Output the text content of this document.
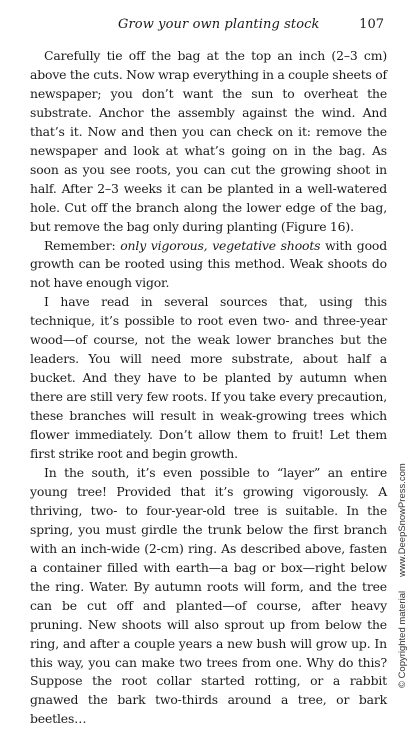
Grow your own planting stock	107

Carefully tie off the bag at the top an inch (2–3 cm) above the cuts. Now wrap everything in a couple sheets of newspaper; you don’t want the sun to overheat the substrate. Anchor the assembly against the wind. And that’s it. Now and then you can check on it: remove the newspaper and look at what’s going on in the bag. As soon as you see roots, you can cut the growing shoot in half. After 2–3 weeks it can be planted in a well-watered hole. Cut off the branch along the lower edge of the bag, but remove the bag only during planting (Figure 16).

Remember: only vigorous, vegetative shoots with good growth can be rooted using this method. Weak shoots do not have enough vigor.

I have read in several sources that, using this technique, it’s possible to root even two- and three-year wood—of course, not the weak lower branches but the leaders. You will need more substrate, about half a bucket. And they have to be planted by autumn when there are still very few roots. If you take every precaution, these branches will result in weak-growing trees which flower immediately. Don’t allow them to fruit! Let them first strike root and begin growth.

In the south, it’s even possible to “layer” an entire young tree! Provided that it’s growing vigorously. A thriving, two- to four-year-old tree is suitable. In the spring, you must girdle the trunk below the first branch with an inch-wide (2-cm) ring. As described above, fasten a container filled with earth—a bag or box—right below the ring. Water. By autumn roots will form, and the tree can be cut off and planted—of course, after heavy pruning. New shoots will also sprout up from below the ring, and after a couple years a new bush will grow up. In this way, you can make two trees from one. Why do this? Suppose the root collar started rotting, or a rabbit gnawed the bark two-thirds around a tree, or bark beetles…

© Copyrighted materialwww.DeepSnowPress.com
